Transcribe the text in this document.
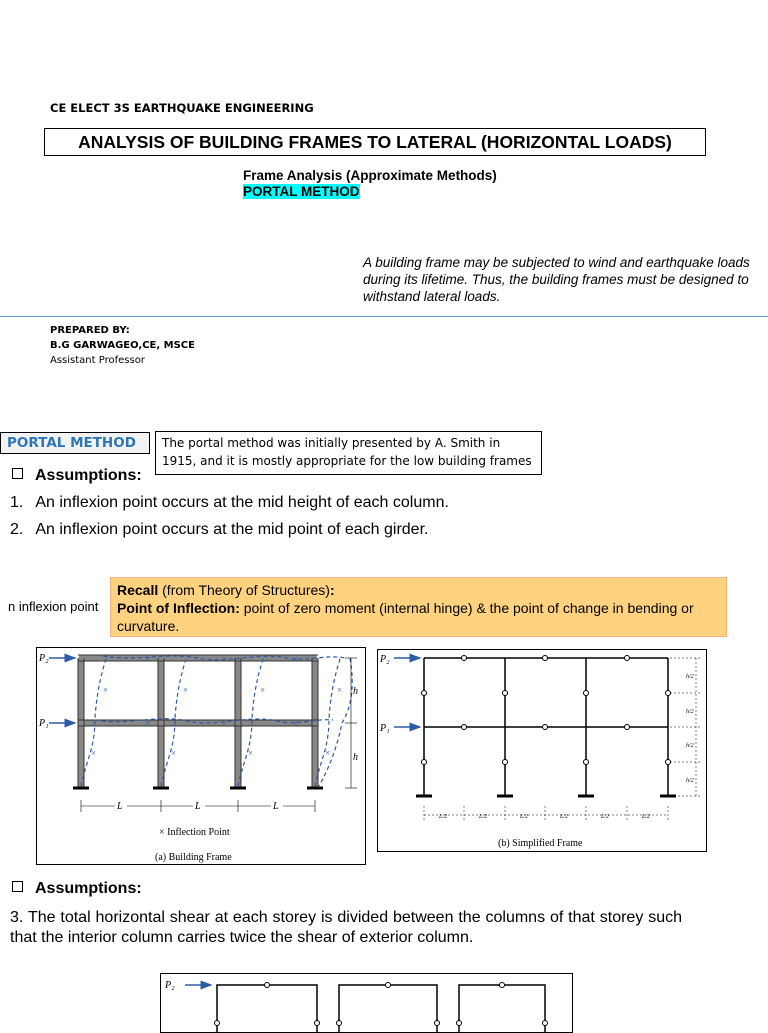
CE ELECT 3S EARTHQUAKE ENGINEERING
ANALYSIS OF BUILDING FRAMES TO LATERAL (HORIZONTAL LOADS)
Frame Analysis (Approximate Methods)
PORTAL METHOD
A building frame may be subjected to wind and earthquake loads during its lifetime. Thus, the building frames must be designed to withstand lateral loads.
PREPARED BY:
B.G GARWAGEO,CE, MSCE
Assistant Professor
PORTAL METHOD	The portal method was initially presented by A. Smith in 1915, and it is mostly appropriate for the low building frames
Assumptions:
1. An inflexion point occurs at the mid height of each column.
2. An inflexion point occurs at the mid point of each girder.
n inflexion point
Recall (from Theory of Structures):
Point of Inflection: point of zero moment (internal hinge) & the point of change in bending or curvature.
×	×	×
×	×	×
×	×	×	×
×	×	×	×
P₂
P₁
h
h
L	L	L
× Inflection Point
(a) Building Frame
P₂
P₁
h/2
h/2
h/2
h/2
L/2	L/2	L/2	L/2	L/2	L/2
(b) Simplified Frame
Assumptions:
3. The total horizontal shear at each storey is divided between the columns of that storey such that the interior column carries twice the shear of exterior column.
P₂
